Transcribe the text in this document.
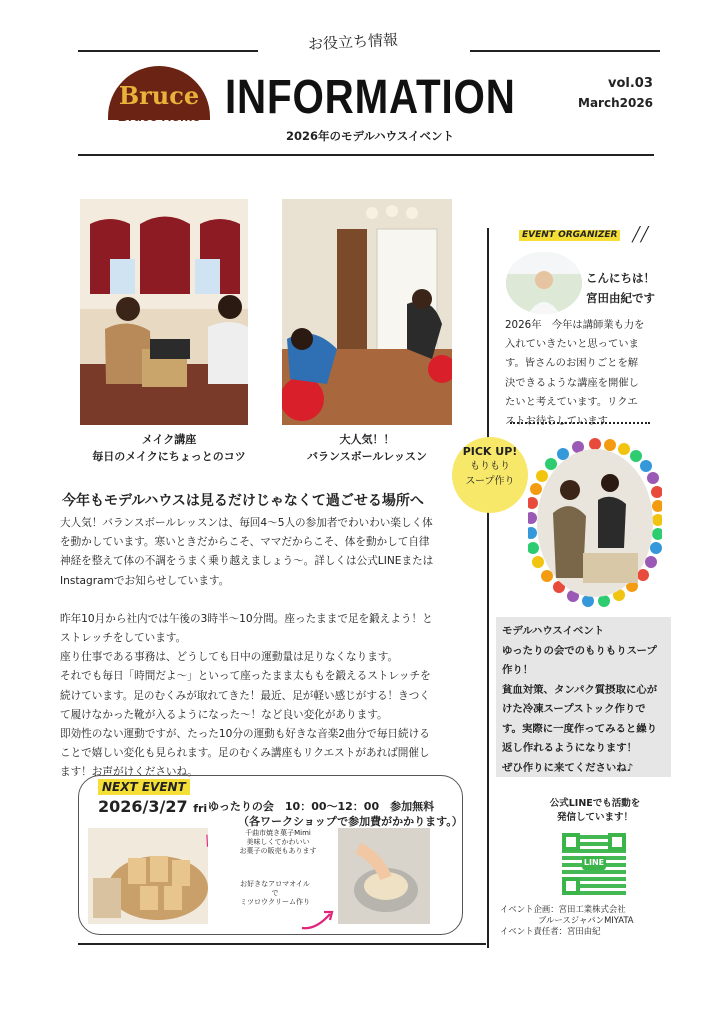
お役立ち情報
Bruce
Bruce Home INFORMATION
2026年のモデルハウスイベント
vol.03
March2026
メイク講座
毎日のメイクにちょっとのコツ
大人気！！
バランスボールレッスン
今年もモデルハウスは見るだけじゃなくて過ごせる場所へ

大人気！バランスボールレッスンは、毎回4～5人の参加者でわいわい楽しく体
を動かしています。寒いときだからこそ、ママだからこそ、体を動かして自律
神経を整えて体の不調をうまく乗り越えましょう～。詳しくは公式LINEまたは
Instagramでお知らせしています。

昨年10月から社内では午後の3時半～10分間。座ったままで足を鍛えよう！と
ストレッチをしています。
座り仕事である事務は、どうしても日中の運動量は足りなくなります。
それでも毎日「時間だよ～」といって座ったまま太ももを鍛えるストレッチを
続けています。足のむくみが取れてきた！最近、足が軽い感じがする！きつく
て履けなかった靴が入るようになった～！など良い変化があります。
即効性のない運動ですが、たった10分の運動も好きな音楽2曲分で毎日続ける
ことで嬉しい変化も見られます。足のむくみ講座もリクエストがあれば開催し
ます！お声がけくださいね。

NEXT EVENT
2026/3/27 fri ゆったりの会　10：00～12：00　参加無料
（各ワークショップで参加費がかかります。）
千曲市焼き菓子Mimi
美味しくてかわいい
お菓子の販売もあります
/
お好きなアロマオイル
で
ミツロウクリーム作り
EVENT ORGANIZER ╱╱
こんにちは！
宮田由紀です
2026年　今年は講師業も力を入れていきたいと思っています。皆さんのお困りごとを解決できるような講座を開催したいと考えています。リクエストお待ちしています
PICK UP!
もりもり
スープ作り
モデルハウスイベント
ゆったりの会でのもりもりスープ
作り！
貧血対策、タンパク質摂取に心が
けた冷凍スープストック作りで
す。実際に一度作ってみると繰り
返し作れるようになります！
ぜひ作りに来てくださいね♪
公式LINEでも活動を
発信しています！
LINE
イベント企画：宮田工業株式会社
ブルースジャパンMIYATA
イベント責任者：宮田由紀
